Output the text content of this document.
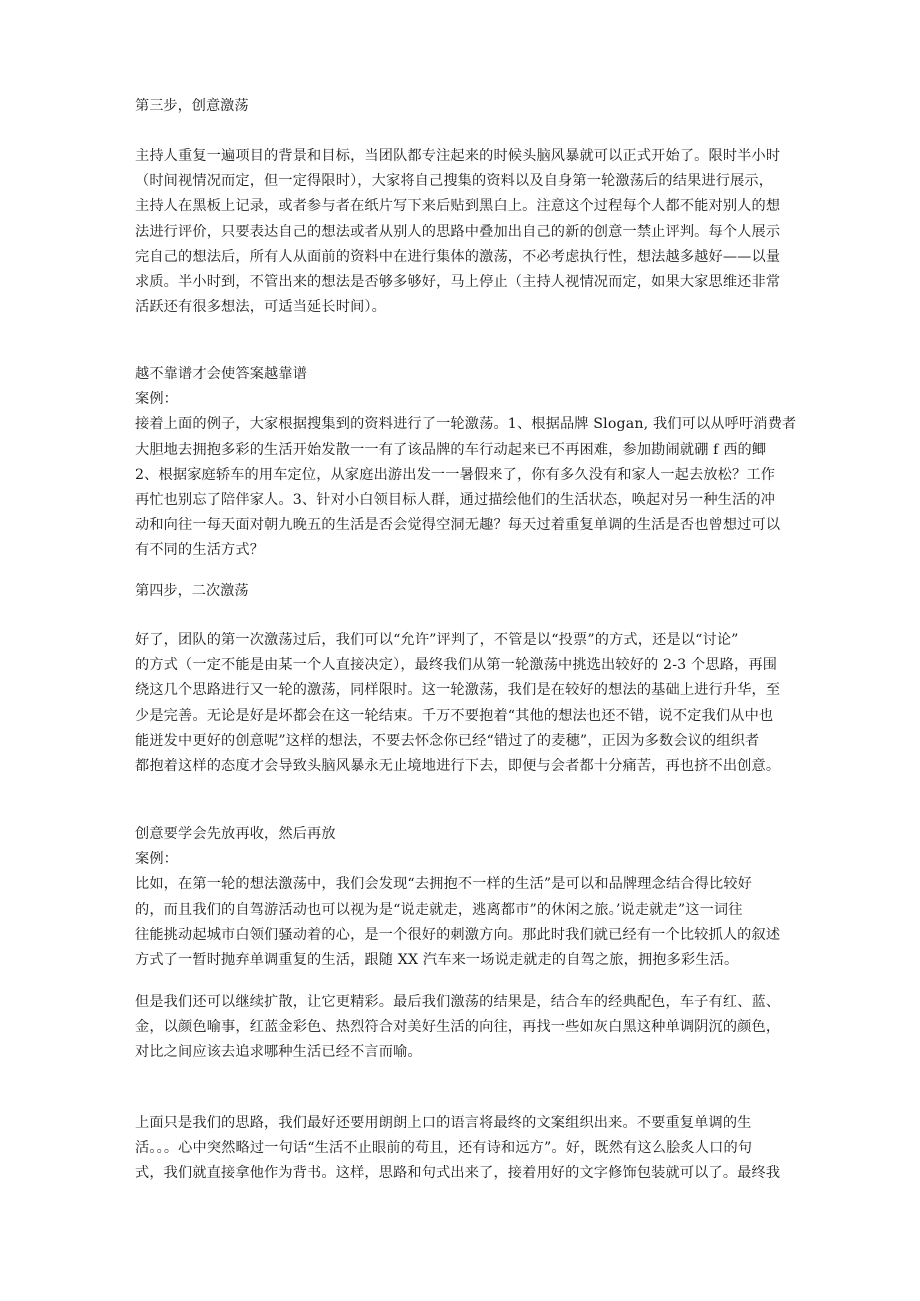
第三步，创意激荡

主持人重复一遍项目的背景和目标，当团队都专注起来的时候头脑风暴就可以正式开始了。限时半小时
（时间视情况而定，但一定得限时），大家将自己搜集的资料以及自身第一轮激荡后的结果进行展示，
主持人在黑板上记录，或者参与者在纸片写下来后贴到黑白上。注意这个过程每个人都不能对别人的想
法进行评价，只要表达自己的想法或者从别人的思路中叠加出自己的新的创意一禁止评判。每个人展示
完自己的想法后，所有人从面前的资料中在进行集体的激荡，不必考虑执行性，想法越多越好——以量
求质。半小时到，不管出来的想法是否够多够好，马上停止（主持人视情况而定，如果大家思维还非常
活跃还有很多想法，可适当延长时间）。
越不靠谱才会使答案越靠谱
案例：
接着上面的例子，大家根据搜集到的资料进行了一轮激荡。1、根据品牌 Slogan, 我们可以从呼吁消费者
大胆地去拥抱多彩的生活开始发散一一有了该品牌的车行动起来已不再困难，参加勘闹就硼 f 西的鲫
2、根据家庭轿车的用车定位，从家庭出游出发一一暑假来了，你有多久没有和家人一起去放松？工作
再忙也别忘了陪伴家人。3、针对小白领目标人群，通过描绘他们的生活状态，唤起对另一种生活的冲
动和向往一每天面对朝九晚五的生活是否会觉得空洞无趣？每天过着重复单调的生活是否也曾想过可以
有不同的生活方式？

第四步，二次激荡

好了，团队的第一次激荡过后，我们可以“允许”评判了，不管是以“投票”的方式，还是以“讨论”
的方式（一定不能是由某一个人直接决定），最终我们从第一轮激荡中挑选出较好的 2-3 个思路，再围
绕这几个思路进行又一轮的激荡，同样限时。这一轮激荡，我们是在较好的想法的基础上进行升华，至
少是完善。无论是好是坏都会在这一轮结束。千万不要抱着“其他的想法也还不错，说不定我们从中也
能迸发中更好的创意呢”这样的想法，不要去怀念你已经“错过了的麦穗”，正因为多数会议的组织者
都抱着这样的态度才会导致头脑风暴永无止境地进行下去，即便与会者都十分痛苦，再也挤不出创意。
创意要学会先放再收，然后再放
案例：
比如，在第一轮的想法激荡中，我们会发现“去拥抱不一样的生活”是可以和品牌理念结合得比较好
的，而且我们的自驾游活动也可以视为是“说走就走，逃离都市”的休闲之旅。’说走就走”这一词往
往能挑动起城市白领们骚动着的心，是一个很好的刺激方向。那此时我们就已经有一个比较抓人的叙述
方式了一暂时抛弃单调重复的生活，跟随 XX 汽车来一场说走就走的自驾之旅，拥抱多彩生活。
但是我们还可以继续扩散，让它更精彩。最后我们激荡的结果是，结合车的经典配色，车子有红、蓝、
金，以颜色喻事，红蓝金彩色、热烈符合对美好生活的向往，再找一些如灰白黑这种单调阴沉的颜色，
对比之间应该去追求哪种生活已经不言而喻。
上面只是我们的思路，我们最好还要用朗朗上口的语言将最终的文案组织出来。不要重复单调的生
活。。。心中突然略过一句话“生活不止眼前的苟且，还有诗和远方”。好，既然有这么脍炙人口的句
式，我们就直接拿他作为背书。这样，思路和句式出来了，接着用好的文字修饰包装就可以了。最终我
